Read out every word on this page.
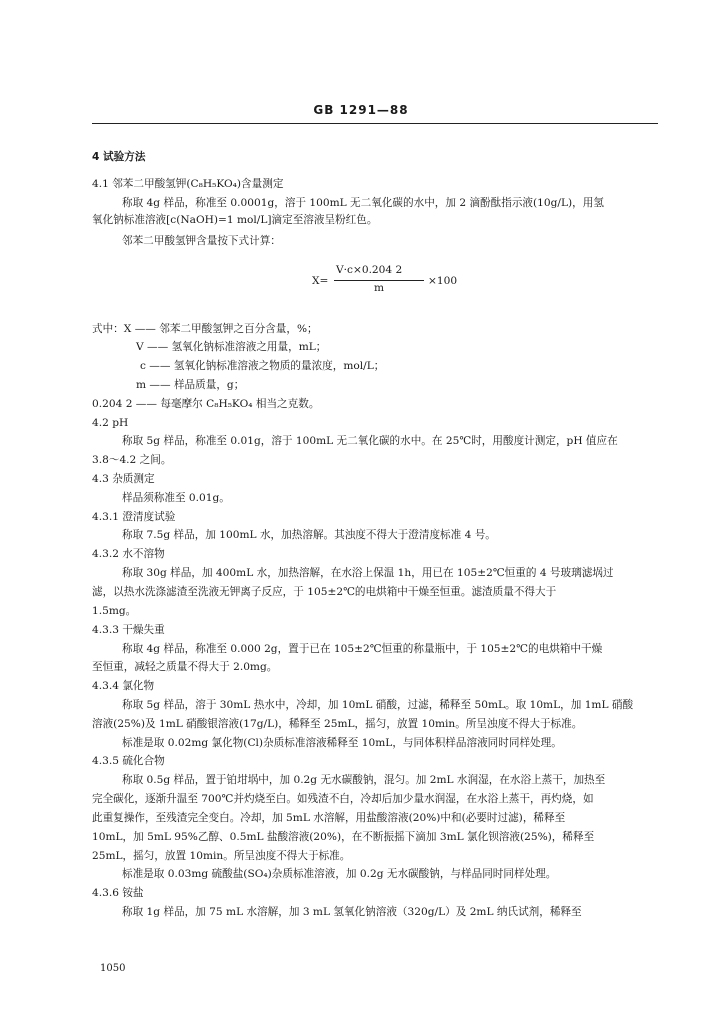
GB 1291—88
4 试验方法
4.1 邻苯二甲酸氢钾(C₈H₅KO₄)含量测定
称取 4g 样品，称准至 0.0001g，溶于 100mL 无二氧化碳的水中，加 2 滴酚酞指示液(10g/L)，用氢
氧化钠标准溶液[c(NaOH)=1 mol/L]滴定至溶液呈粉红色。
邻苯二甲酸氢钾含量按下式计算：
X=
V·c×0.204 2
m
×100
式中：X —— 邻苯二甲酸氢钾之百分含量，%；
V —— 氢氧化钠标准溶液之用量，mL；
c —— 氢氧化钠标准溶液之物质的量浓度，mol/L；
m —— 样品质量，g；
0.204 2 —— 每毫摩尔 C₈H₅KO₄ 相当之克数。
4.2 pH
称取 5g 样品，称准至 0.01g，溶于 100mL 无二氧化碳的水中。在 25℃时，用酸度计测定，pH 值应在
3.8～4.2 之间。
4.3 杂质测定
样品须称准至 0.01g。
4.3.1 澄清度试验
称取 7.5g 样品，加 100mL 水，加热溶解。其浊度不得大于澄清度标准 4 号。
4.3.2 水不溶物
称取 30g 样品，加 400mL 水，加热溶解，在水浴上保温 1h，用已在 105±2℃恒重的 4 号玻璃滤埚过
滤，以热水洗涤滤渣至洗液无钾离子反应，于 105±2℃的电烘箱中干燥至恒重。滤渣质量不得大于
1.5mg。
4.3.3 干燥失重
称取 4g 样品，称准至 0.000 2g，置于已在 105±2℃恒重的称量瓶中，于 105±2℃的电烘箱中干燥
至恒重，减轻之质量不得大于 2.0mg。
4.3.4 氯化物
称取 5g 样品，溶于 30mL 热水中，冷却，加 10mL 硝酸，过滤，稀释至 50mL。取 10mL，加 1mL 硝酸
溶液(25%)及 1mL 硝酸银溶液(17g/L)，稀释至 25mL，摇匀，放置 10min。所呈浊度不得大于标准。
标准是取 0.02mg 氯化物(Cl)杂质标准溶液稀释至 10mL，与同体积样品溶液同时同样处理。
4.3.5 硫化合物
称取 0.5g 样品，置于铂坩埚中，加 0.2g 无水碳酸钠，混匀。加 2mL 水润湿，在水浴上蒸干，加热至
完全碳化，逐渐升温至 700℃并灼烧至白。如残渣不白，冷却后加少量水润湿，在水浴上蒸干，再灼烧，如
此重复操作，至残渣完全变白。冷却，加 5mL 水溶解，用盐酸溶液(20%)中和(必要时过滤)，稀释至
10mL，加 5mL 95%乙醇、0.5mL 盐酸溶液(20%)，在不断振摇下滴加 3mL 氯化钡溶液(25%)，稀释至
25mL，摇匀，放置 10min。所呈浊度不得大于标准。
标准是取 0.03mg 硫酸盐(SO₄)杂质标准溶液，加 0.2g 无水碳酸钠，与样品同时同样处理。
4.3.6 铵盐
称取 1g 样品，加 75 mL 水溶解，加 3 mL 氢氧化钠溶液（320g/L）及 2mL 纳氏试剂，稀释至
1050
